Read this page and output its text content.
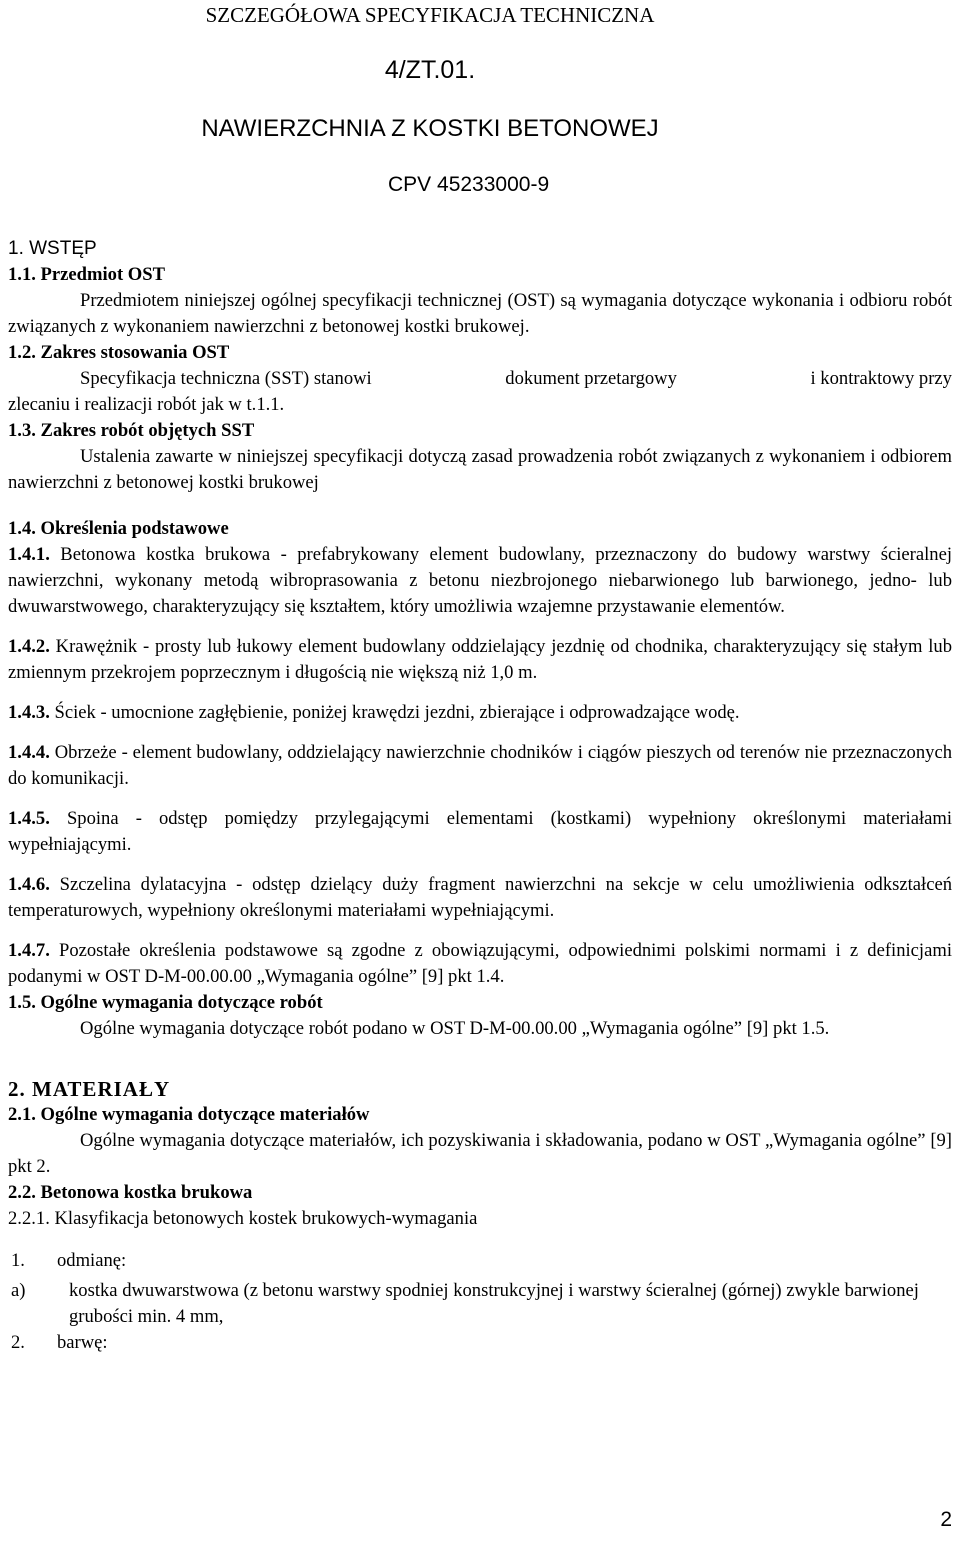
SZCZEGÓŁOWA SPECYFIKACJA TECHNICZNA
4/ZT.01.
NAWIERZCHNIA Z KOSTKI BETONOWEJ
CPV 45233000-9
1. WSTĘP
1.1. Przedmiot OST

Przedmiotem niniejszej ogólnej specyfikacji technicznej (OST) są wymagania dotyczące wykonania i odbioru robót związanych z wykonaniem nawierzchni z betonowej kostki brukowej.

1.2. Zakres stosowania OST
Specyfikacja techniczna (SST) stanowi	dokument przetargowy	i kontraktowy przy
zlecaniu i realizacji robót jak w t.1.1.
1.3. Zakres robót objętych SST

Ustalenia zawarte w niniejszej specyfikacji dotyczą zasad prowadzenia robót związanych z wykonaniem i odbiorem nawierzchni z betonowej kostki brukowej

1.4. Określenia podstawowe

1.4.1. Betonowa kostka brukowa - prefabrykowany element budowlany, przeznaczony do budowy warstwy ścieralnej nawierzchni, wykonany metodą wibroprasowania z betonu niezbrojonego niebarwionego lub barwionego, jedno- lub dwuwarstwowego, charakteryzujący się kształtem, który umożliwia wzajemne przystawanie elementów.

1.4.2. Krawężnik - prosty lub łukowy element budowlany oddzielający jezdnię od chodnika, charakteryzujący się stałym lub zmiennym przekrojem poprzecznym i długością nie większą niż 1,0 m.

1.4.3. Ściek - umocnione zagłębienie, poniżej krawędzi jezdni, zbierające i odprowadzające wodę.

1.4.4. Obrzeże - element budowlany, oddzielający nawierzchnie chodników i ciągów pieszych od terenów nie przeznaczonych do komunikacji.

1.4.5. Spoina - odstęp pomiędzy przylegającymi elementami (kostkami) wypełniony określonymi materiałami wypełniającymi.

1.4.6. Szczelina dylatacyjna - odstęp dzielący duży fragment nawierzchni na sekcje w celu umożliwienia odkształceń temperaturowych, wypełniony określonymi materiałami wypełniającymi.

1.4.7. Pozostałe określenia podstawowe są zgodne z obowiązującymi, odpowiednimi polskimi normami i z definicjami podanymi w OST D-M-00.00.00 „Wymagania ogólne” [9] pkt 1.4.

1.5. Ogólne wymagania dotyczące robót

Ogólne wymagania dotyczące robót podano w OST D-M-00.00.00 „Wymagania ogólne” [9] pkt 1.5.

2. MATERIAŁY
2.1. Ogólne wymagania dotyczące materiałów

Ogólne wymagania dotyczące materiałów, ich pozyskiwania i składowania, podano w OST „Wymagania ogólne” [9] pkt 2.

2.2. Betonowa kostka brukowa
2.2.1. Klasyfikacja betonowych kostek brukowych-wymagania
1. odmianę:
a)	kostka dwuwarstwowa (z betonu warstwy spodniej konstrukcyjnej i warstwy ścieralnej (górnej) zwykle barwionej grubości min. 4 mm,
2. barwę:
2
